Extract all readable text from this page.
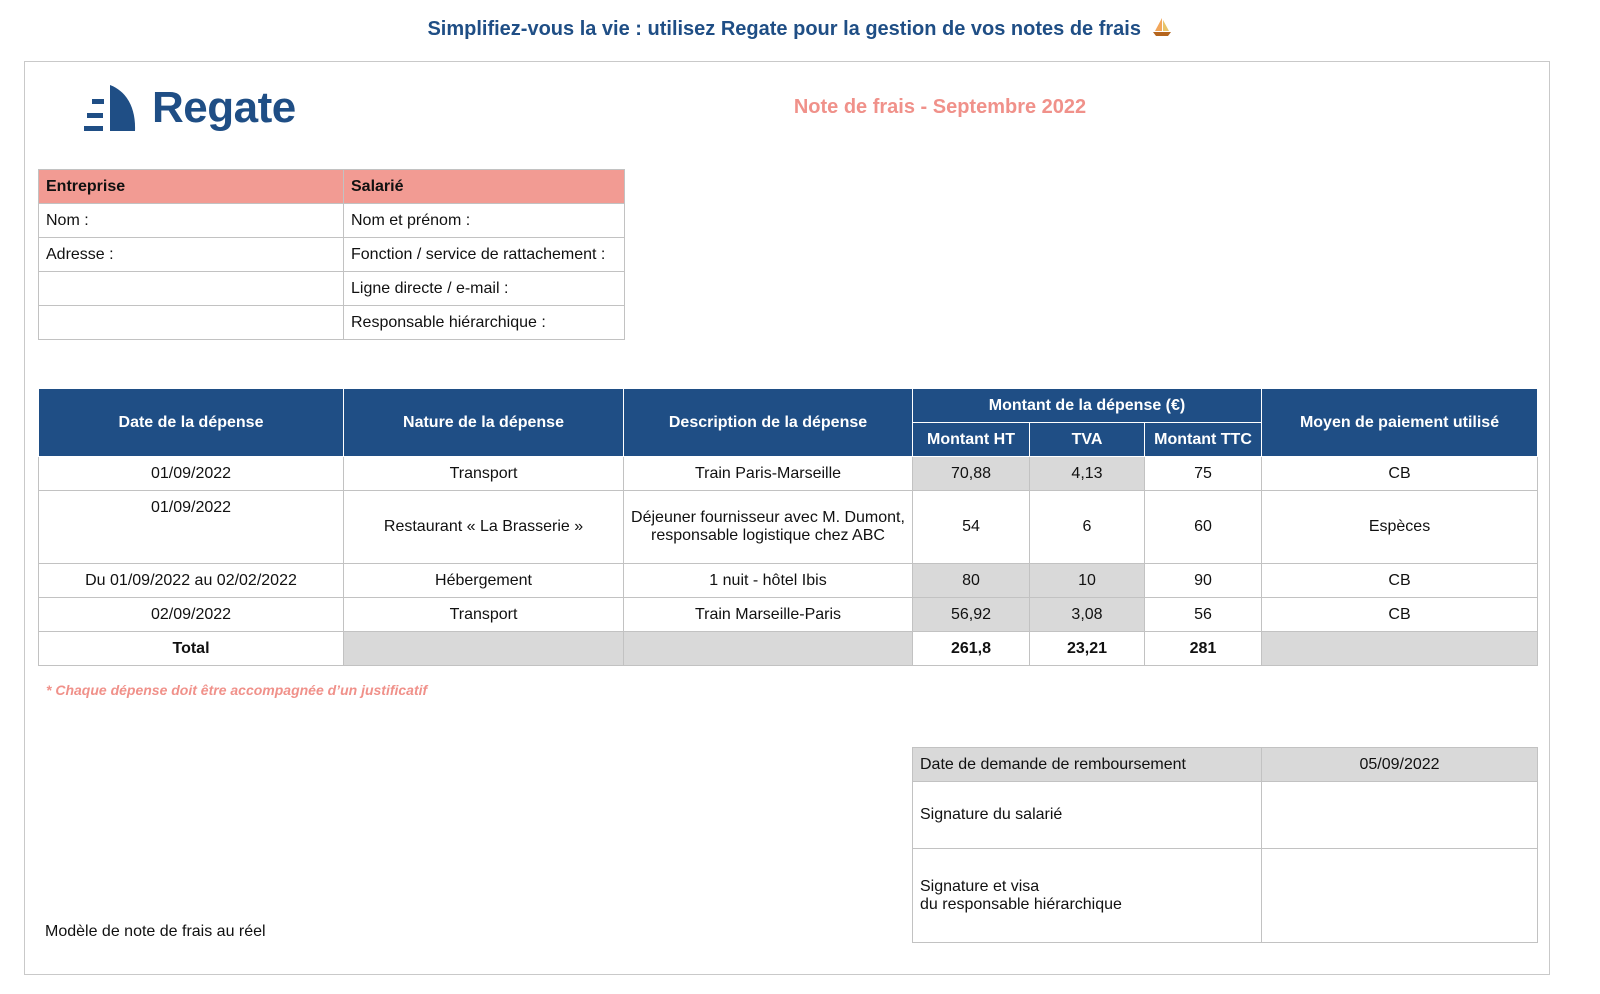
Simplifiez-vous la vie : utilisez Regate pour la gestion de vos notes de frais
Regate	Note de frais - Septembre 2022
Entreprise	Salarié
Nom :	Nom et prénom :
Adresse :	Fonction / service de rattachement :
	Ligne directe / e-mail :
	Responsable hiérarchique :
Date de la dépense	Nature de la dépense	Description de la dépense	Montant de la dépense (€)			Moyen de paiement utilisé
			Montant HT	TVA	Montant TTC	
01/09/2022	Transport	Train Paris-Marseille	70,88	4,13	75	CB
01/09/2022	Restaurant « La Brasserie »	Déjeuner fournisseur avec M. Dumont, responsable logistique chez ABC	54	6	60	Espèces
Du 01/09/2022 au 02/02/2022	Hébergement	1 nuit - hôtel Ibis	80	10	90	CB
02/09/2022	Transport	Train Marseille-Paris	56,92	3,08	56	CB
Total			261,8	23,21	281	
* Chaque dépense doit être accompagnée d’un justificatif
Date de demande de remboursement	05/09/2022
Signature du salarié	

Signature et visa
du responsable hiérarchique	

Modèle de note de frais au réel
